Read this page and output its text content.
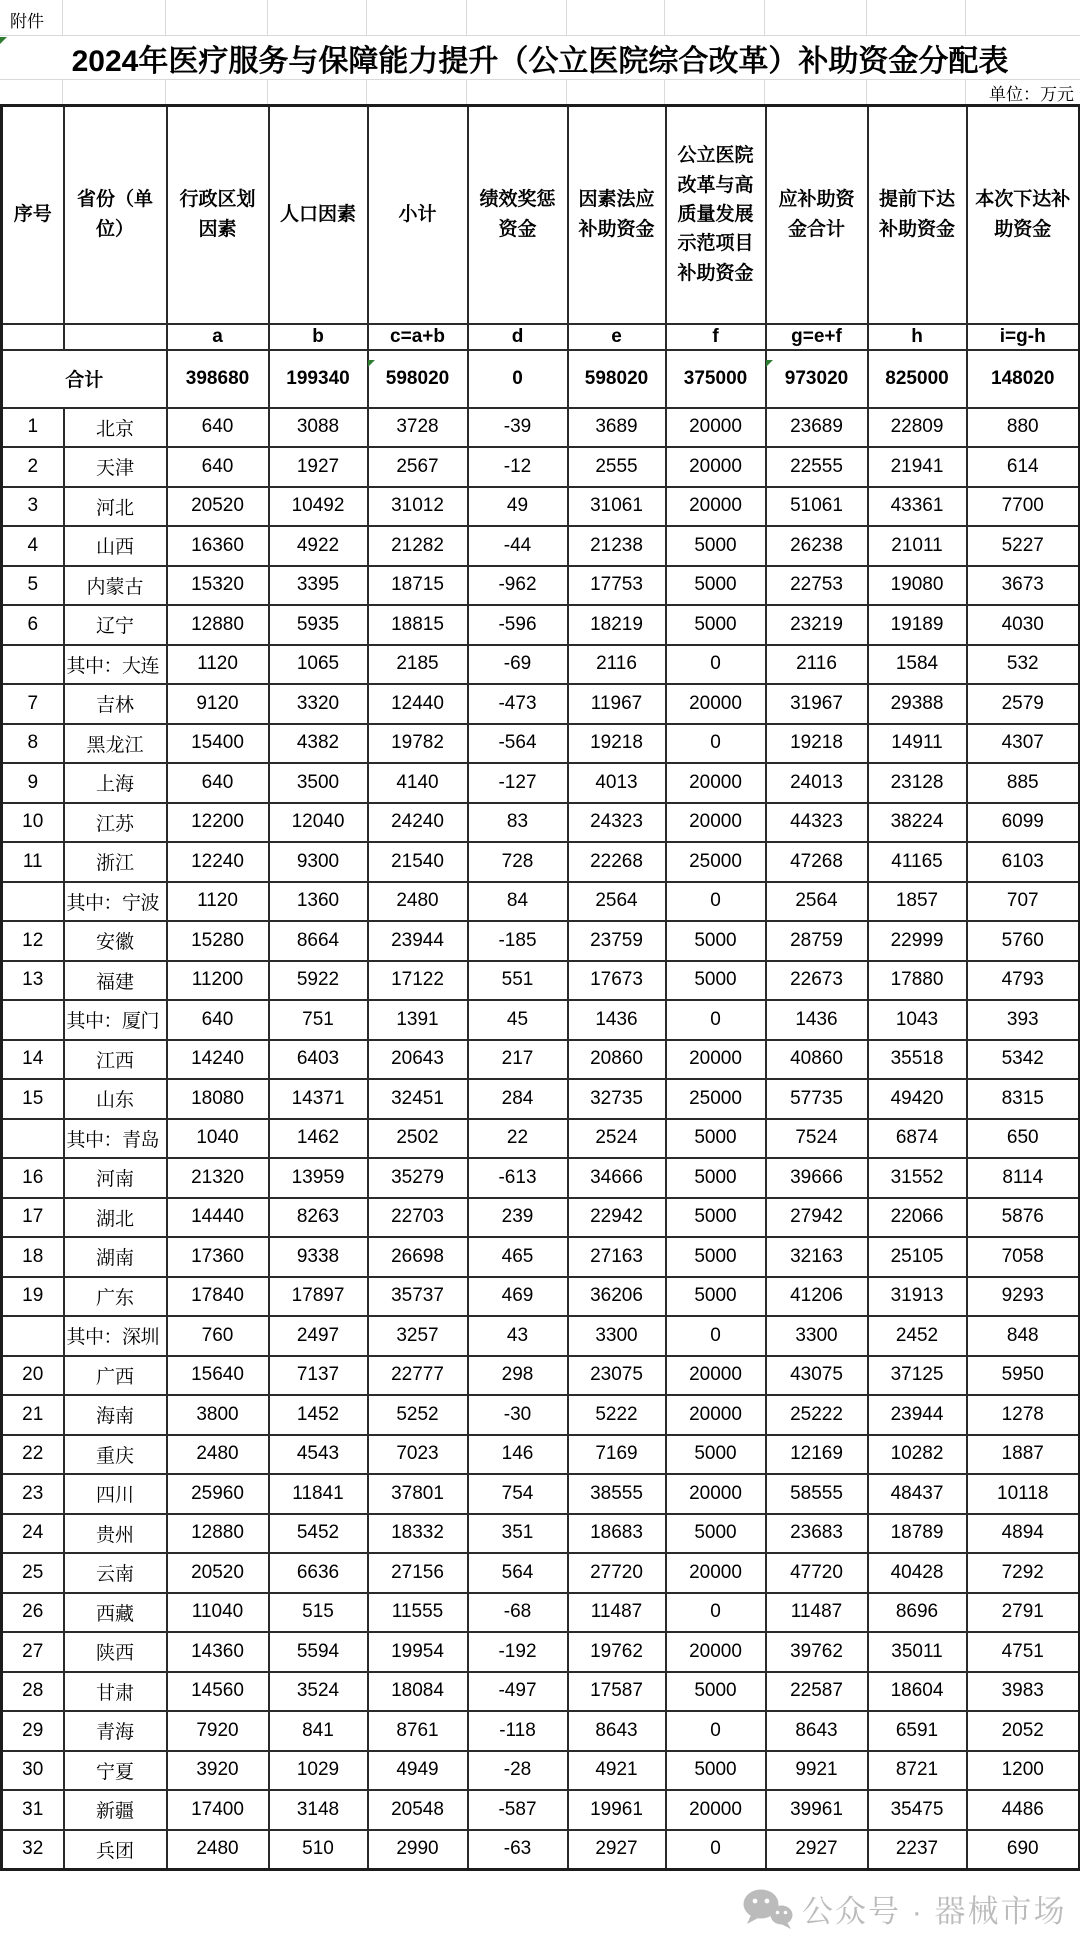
附件
2024年医疗服务与保障能力提升（公立医院综合改革）补助资金分配表
单位：万元
序号	省份（单位）	行政区划因素	人口因素	小计	绩效奖惩资金	因素法应补助资金	公立医院改革与高质量发展示范项目补助资金	应补助资金合计	提前下达补助资金	本次下达补助资金
		a	b	c=a+b	d	e	f	g=e+f	h	i=g-h
合计		398680	199340	598020	0	598020	375000	973020	825000	148020
1	北京	640	3088	3728	-39	3689	20000	23689	22809	880
2	天津	640	1927	2567	-12	2555	20000	22555	21941	614
3	河北	20520	10492	31012	49	31061	20000	51061	43361	7700
4	山西	16360	4922	21282	-44	21238	5000	26238	21011	5227
5	内蒙古	15320	3395	18715	-962	17753	5000	22753	19080	3673
6	辽宁	12880	5935	18815	-596	18219	5000	23219	19189	4030
	其中：大连	1120	1065	2185	-69	2116	0	2116	1584	532
7	吉林	9120	3320	12440	-473	11967	20000	31967	29388	2579
8	黑龙江	15400	4382	19782	-564	19218	0	19218	14911	4307
9	上海	640	3500	4140	-127	4013	20000	24013	23128	885
10	江苏	12200	12040	24240	83	24323	20000	44323	38224	6099
11	浙江	12240	9300	21540	728	22268	25000	47268	41165	6103
	其中：宁波	1120	1360	2480	84	2564	0	2564	1857	707
12	安徽	15280	8664	23944	-185	23759	5000	28759	22999	5760
13	福建	11200	5922	17122	551	17673	5000	22673	17880	4793
	其中：厦门	640	751	1391	45	1436	0	1436	1043	393
14	江西	14240	6403	20643	217	20860	20000	40860	35518	5342
15	山东	18080	14371	32451	284	32735	25000	57735	49420	8315
	其中：青岛	1040	1462	2502	22	2524	5000	7524	6874	650
16	河南	21320	13959	35279	-613	34666	5000	39666	31552	8114
17	湖北	14440	8263	22703	239	22942	5000	27942	22066	5876
18	湖南	17360	9338	26698	465	27163	5000	32163	25105	7058
19	广东	17840	17897	35737	469	36206	5000	41206	31913	9293
	其中：深圳	760	2497	3257	43	3300	0	3300	2452	848
20	广西	15640	7137	22777	298	23075	20000	43075	37125	5950
21	海南	3800	1452	5252	-30	5222	20000	25222	23944	1278
22	重庆	2480	4543	7023	146	7169	5000	12169	10282	1887
23	四川	25960	11841	37801	754	38555	20000	58555	48437	10118
24	贵州	12880	5452	18332	351	18683	5000	23683	18789	4894
25	云南	20520	6636	27156	564	27720	20000	47720	40428	7292
26	西藏	11040	515	11555	-68	11487	0	11487	8696	2791
27	陕西	14360	5594	19954	-192	19762	20000	39762	35011	4751
28	甘肃	14560	3524	18084	-497	17587	5000	22587	18604	3983
29	青海	7920	841	8761	-118	8643	0	8643	6591	2052
30	宁夏	3920	1029	4949	-28	4921	5000	9921	8721	1200
31	新疆	17400	3148	20548	-587	19961	20000	39961	35475	4486
32	兵团	2480	510	2990	-63	2927	0	2927	2237	690
公众号 · 器械市场
